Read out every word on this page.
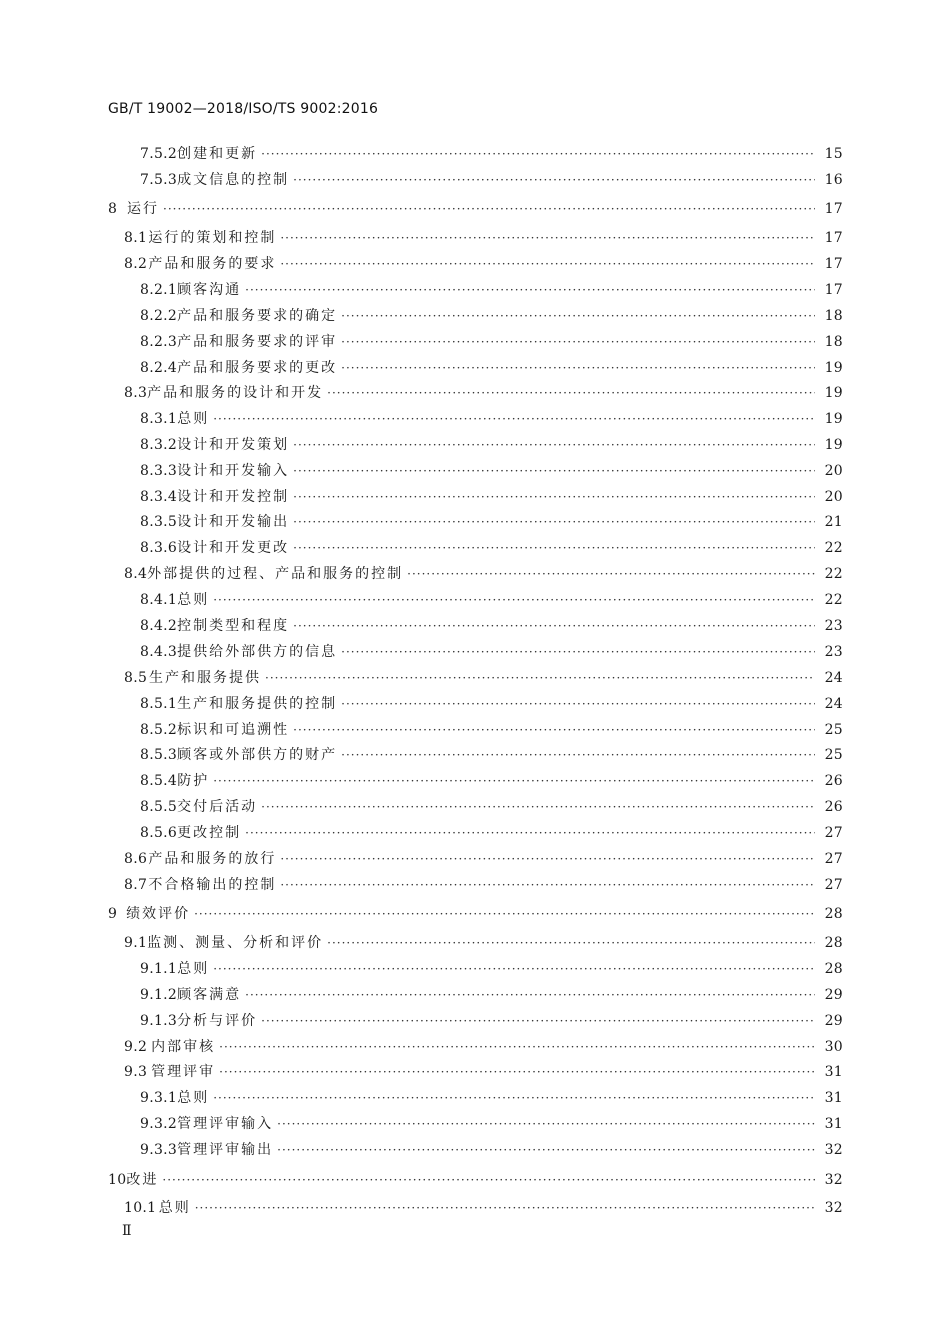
GB/T 19002—2018/ISO/TS 9002:2016
7.5.2 创建和更新 ·····	15
7.5.3 成文信息的控制 ·····	16
8 运行 ·····	17
8.1 运行的策划和控制 ·····	17
8.2 产品和服务的要求 ·····	17
8.2.1 顾客沟通 ·····	17
8.2.2 产品和服务要求的确定 ·····	18
8.2.3 产品和服务要求的评审 ·····	18
8.2.4 产品和服务要求的更改 ·····	19
8.3 产品和服务的设计和开发 ·····	19
8.3.1 总则 ·····	19
8.3.2 设计和开发策划 ·····	19
8.3.3 设计和开发输入 ·····	20
8.3.4 设计和开发控制 ·····	20
8.3.5 设计和开发输出 ·····	21
8.3.6 设计和开发更改 ·····	22
8.4 外部提供的过程、产品和服务的控制 ·····	22
8.4.1 总则 ·····	22
8.4.2 控制类型和程度 ·····	23
8.4.3 提供给外部供方的信息 ·····	23
8.5 生产和服务提供 ·····	24
8.5.1 生产和服务提供的控制 ·····	24
8.5.2 标识和可追溯性 ·····	25
8.5.3 顾客或外部供方的财产 ·····	25
8.5.4 防护 ·····	26
8.5.5 交付后活动 ·····	26
8.5.6 更改控制 ·····	27
8.6 产品和服务的放行 ·····	27
8.7 不合格输出的控制 ·····	27
9 绩效评价 ·····	28
9.1 监测、测量、分析和评价 ·····	28
9.1.1 总则 ·····	28
9.1.2 顾客满意 ·····	29
9.1.3 分析与评价 ·····	29
9.2 内部审核 ·····	30
9.3 管理评审 ·····	31
9.3.1 总则 ·····	31
9.3.2 管理评审输入 ·····	31
9.3.3 管理评审输出 ·····	32
10 改进 ·····	32
10.1 总则 ·····	32
Ⅱ
